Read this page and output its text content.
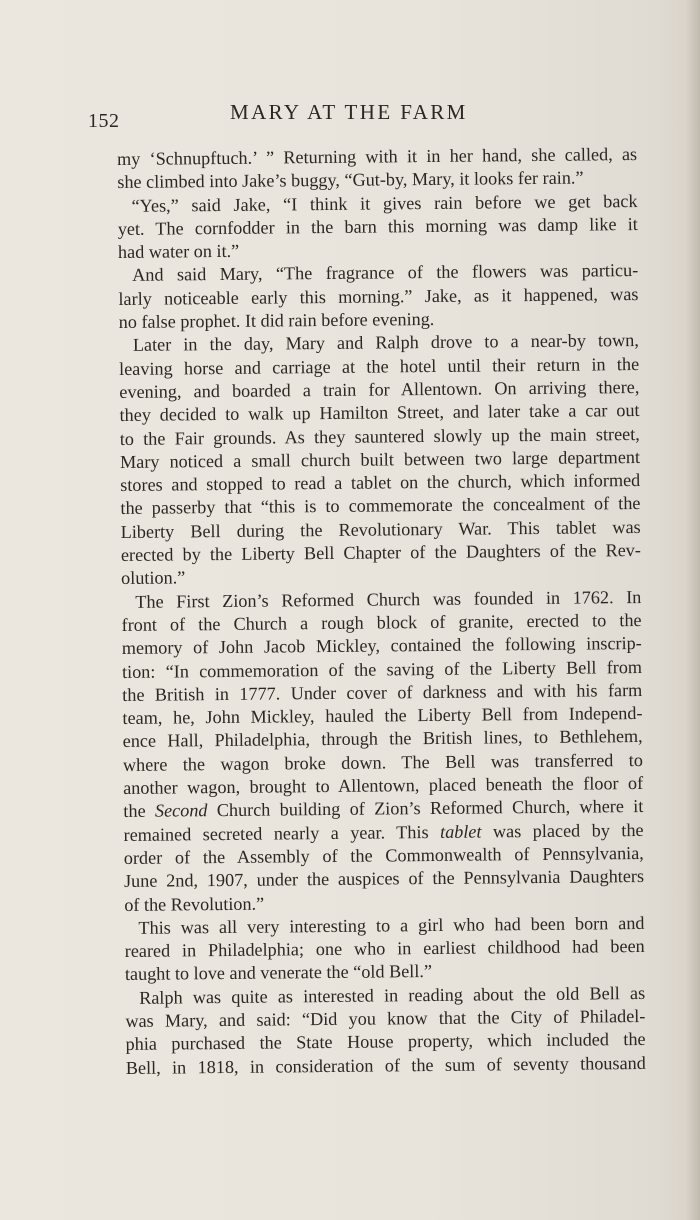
152	MARY AT THE FARM
my ‘Schnupftuch.’ ” Returning with it in her hand, she called, as
she climbed into Jake’s buggy, “Gut-by, Mary, it looks fer rain.”
“Yes,” said Jake, “I think it gives rain before we get back
yet. The cornfodder in the barn this morning was damp like it
had water on it.”
And said Mary, “The fragrance of the flowers was particu-
larly noticeable early this morning.” Jake, as it happened, was
no false prophet. It did rain before evening.
Later in the day, Mary and Ralph drove to a near-by town,
leaving horse and carriage at the hotel until their return in the
evening, and boarded a train for Allentown. On arriving there,
they decided to walk up Hamilton Street, and later take a car out
to the Fair grounds. As they sauntered slowly up the main street,
Mary noticed a small church built between two large department
stores and stopped to read a tablet on the church, which informed
the passerby that “this is to commemorate the concealment of the
Liberty Bell during the Revolutionary War. This tablet was
erected by the Liberty Bell Chapter of the Daughters of the Rev-
olution.”
The First Zion’s Reformed Church was founded in 1762. In
front of the Church a rough block of granite, erected to the
memory of John Jacob Mickley, contained the following inscrip-
tion: “In commemoration of the saving of the Liberty Bell from
the British in 1777. Under cover of darkness and with his farm
team, he, John Mickley, hauled the Liberty Bell from Independ-
ence Hall, Philadelphia, through the British lines, to Bethlehem,
where the wagon broke down. The Bell was transferred to
another wagon, brought to Allentown, placed beneath the floor of
the Second Church building of Zion’s Reformed Church, where it
remained secreted nearly a year. This tablet was placed by the
order of the Assembly of the Commonwealth of Pennsylvania,
June 2nd, 1907, under the auspices of the Pennsylvania Daughters
of the Revolution.”
This was all very interesting to a girl who had been born and
reared in Philadelphia; one who in earliest childhood had been
taught to love and venerate the “old Bell.”
Ralph was quite as interested in reading about the old Bell as
was Mary, and said: “Did you know that the City of Philadel-
phia purchased the State House property, which included the
Bell, in 1818, in consideration of the sum of seventy thousand
